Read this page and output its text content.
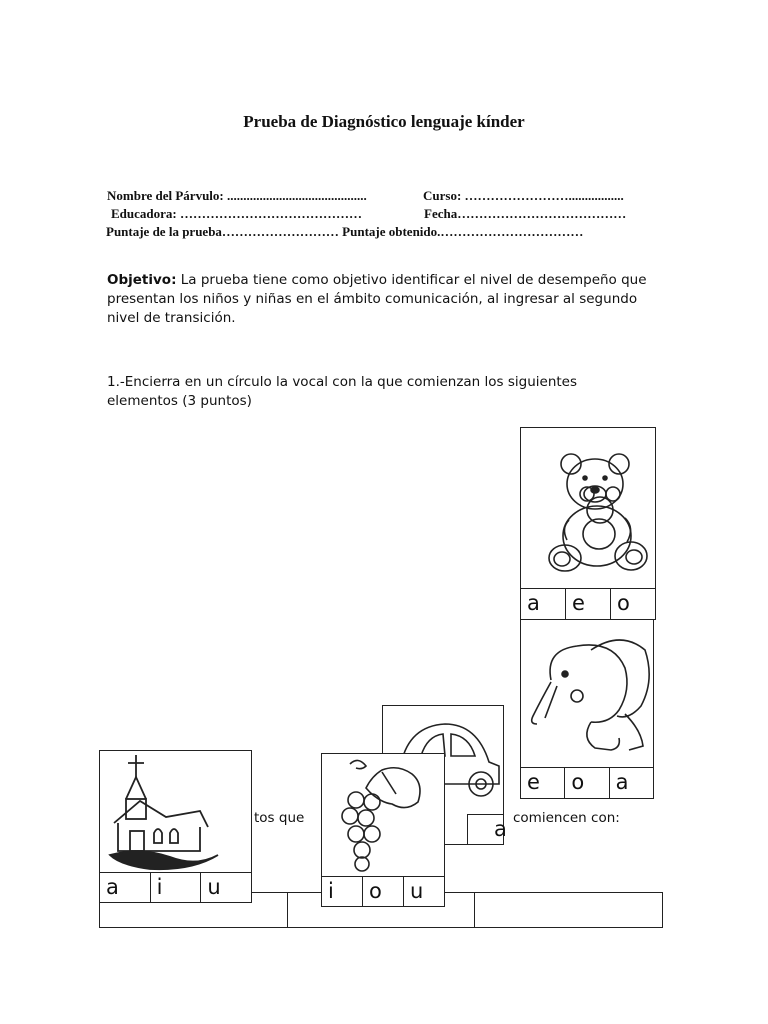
Prueba de Diagnóstico lenguaje kínder
Nombre del Párvulo: ...........................................	Curso: …………………….................
Educadora: ……………………………………	Fecha…………………………………
Puntaje de la prueba……………………… Puntaje obtenido.……………………………
Objetivo: La prueba tiene como objetivo identificar el nivel de desempeño que presentan los niños y niñas en el ámbito comunicación, al ingresar al segundo nivel de transición.
1.-Encierra en un círculo la vocal con la que comienzan los siguientes elementos (3 puntos)
tos que	comiencen con:
a	e	o
e	o	a
a
i	o	u
a	i	u
